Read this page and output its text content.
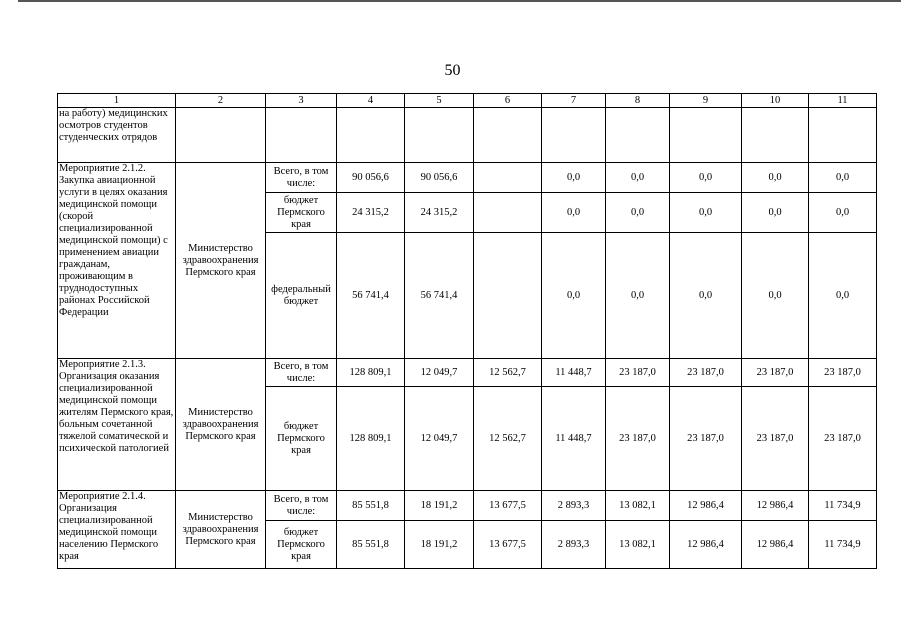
50
1	2	3	4	5	6	7	8	9	10	11
на работу) медицинских осмотров студентов студенческих отрядов										
Мероприятие 2.1.2. Закупка авиационной услуги в целях оказания медицинской помощи (скорой специализированной медицинской помощи) с применением авиации гражданам, проживающим в труднодоступных районах Российской Федерации	Министерство здравоохранения Пермского края	Всего, в том числе:	90 056,6	90 056,6		0,0	0,0	0,0	0,0	0,0
		бюджет Пермского края	24 315,2	24 315,2		0,0	0,0	0,0	0,0	0,0
		федеральный бюджет	56 741,4	56 741,4		0,0	0,0	0,0	0,0	0,0
Мероприятие 2.1.3. Организация оказания специализированной медицинской помощи жителям Пермского края, больным сочетанной тяжелой соматической и психической патологией	Министерство здравоохранения Пермского края	Всего, в том числе:	128 809,1	12 049,7	12 562,7	11 448,7	23 187,0	23 187,0	23 187,0	23 187,0
		бюджет Пермского края	128 809,1	12 049,7	12 562,7	11 448,7	23 187,0	23 187,0	23 187,0	23 187,0
Мероприятие 2.1.4. Организация специализированной медицинской помощи населению Пермского края	Министерство здравоохранения Пермского края	Всего, в том числе:	85 551,8	18 191,2	13 677,5	2 893,3	13 082,1	12 986,4	12 986,4	11 734,9
		бюджет Пермского края	85 551,8	18 191,2	13 677,5	2 893,3	13 082,1	12 986,4	12 986,4	11 734,9
